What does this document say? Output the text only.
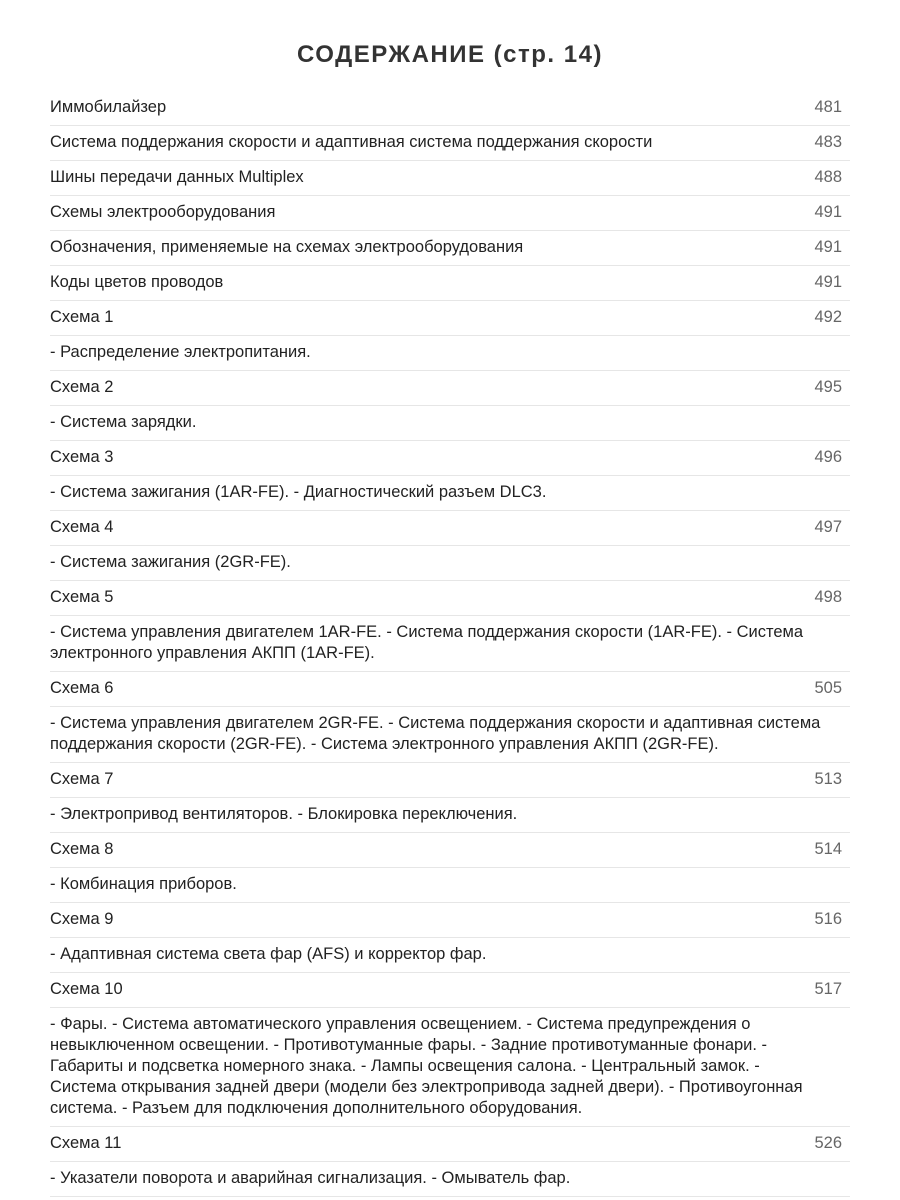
СОДЕРЖАНИЕ (стр. 14)
Иммобилайзер	481
Система поддержания скорости и адаптивная система поддержания скорости	483
Шины передачи данных Multiplex	488
Схемы электрооборудования	491
Обозначения, применяемые на схемах электрооборудования	491
Коды цветов проводов	491
Схема 1	492
- Распределение электропитания.
Схема 2	495
- Система зарядки.
Схема 3	496
- Система зажигания (1AR-FE). - Диагностический разъем DLC3.
Схема 4	497
- Система зажигания (2GR-FE).
Схема 5	498
- Система управления двигателем 1AR-FE. - Система поддержания скорости (1AR-FE). - Система электронного управления АКПП (1AR-FE).
Схема 6	505
- Система управления двигателем 2GR-FE. - Система поддержания скорости и адаптивная система поддержания скорости (2GR-FE). - Система электронного управления АКПП (2GR-FE).
Схема 7	513
- Электропривод вентиляторов. - Блокировка переключения.
Схема 8	514
- Комбинация приборов.
Схема 9	516
- Адаптивная система света фар (AFS) и корректор фар.
Схема 10	517
- Фары. - Система автоматического управления освещением. - Система предупреждения о невыключенном освещении. - Противотуманные фары. - Задние противотуманные фонари. - Габариты и подсветка номерного знака. - Лампы освещения салона. - Центральный замок. - Система открывания задней двери (модели без электропривода задней двери). - Противоугонная система. - Разъем для подключения дополнительного оборудования.
Схема 11	526
- Указатели поворота и аварийная сигнализация. - Омыватель фар.
